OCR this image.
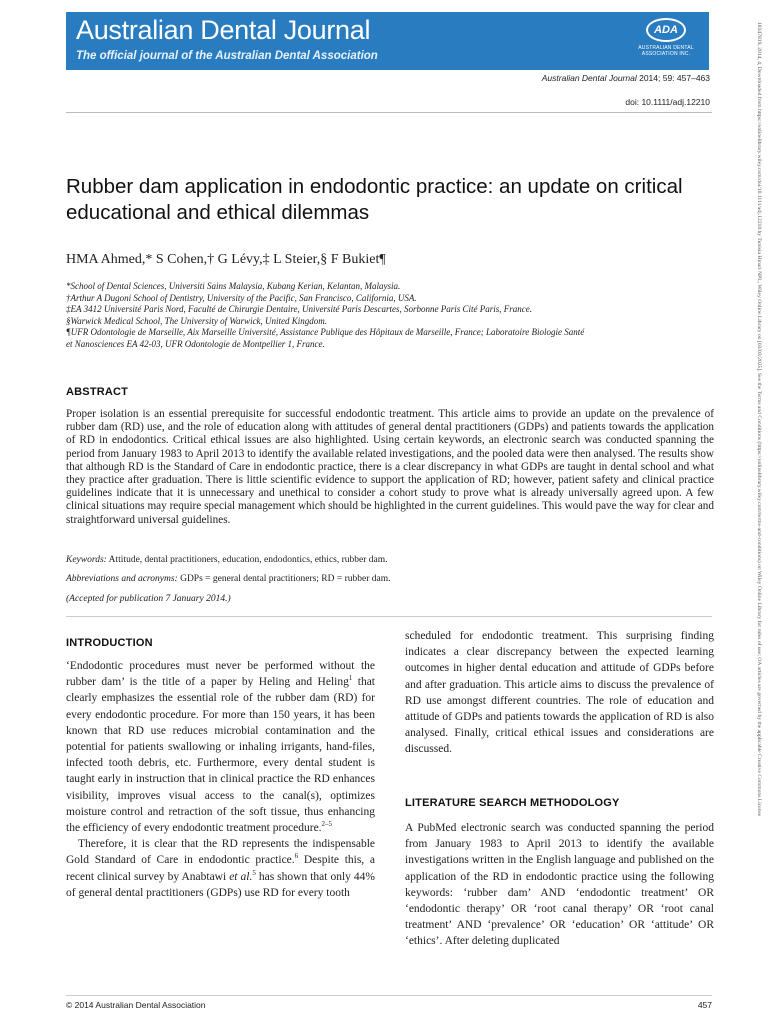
Australian Dental Journal
The official journal of the Australian Dental Association
ADA
AUSTRALIAN DENTAL ASSOCIATION INC.
Australian Dental Journal 2014; 59: 457–463
doi: 10.1111/adj.12210
Rubber dam application in endodontic practice: an update on critical educational and ethical dilemmas
HMA Ahmed,* S Cohen,† G Lévy,‡ L Steier,§ F Bukiet¶
*School of Dental Sciences, Universiti Sains Malaysia, Kubang Kerian, Kelantan, Malaysia.
†Arthur A Dugoni School of Dentistry, University of the Pacific, San Francisco, California, USA.
‡EA 3412 Université Paris Nord, Faculté de Chirurgie Dentaire, Université Paris Descartes, Sorbonne Paris Cité Paris, France.
§Warwick Medical School, The University of Warwick, United Kingdom.
¶UFR Odontologie de Marseille, Aix Marseille Université, Assistance Publique des Hôpitaux de Marseille, France; Laboratoire Biologie Santé
et Nanosciences EA 42-03, UFR Odontologie de Montpellier 1, France.
ABSTRACT

Proper isolation is an essential prerequisite for successful endodontic treatment. This article aims to provide an update on the prevalence of rubber dam (RD) use, and the role of education along with attitudes of general dental practitioners (GDPs) and patients towards the application of RD in endodontics. Critical ethical issues are also highlighted. Using certain keywords, an electronic search was conducted spanning the period from January 1983 to April 2013 to identify the available related investigations, and the pooled data were then analysed. The results show that although RD is the Standard of Care in endodontic practice, there is a clear discrepancy in what GDPs are taught in dental school and what they practice after graduation. There is little scientific evidence to support the application of RD; however, patient safety and clinical practice guidelines indicate that it is unnecessary and unethical to consider a cohort study to prove what is already universally agreed upon. A few clinical situations may require special management which should be highlighted in the current guidelines. This would pave the way for clear and straightforward universal guidelines.

Keywords: Attitude, dental practitioners, education, endodontics, ethics, rubber dam.
Abbreviations and acronyms: GDPs = general dental practitioners; RD = rubber dam.
(Accepted for publication 7 January 2014.)
INTRODUCTION

‘Endodontic procedures must never be performed without the rubber dam’ is the title of a paper by Heling and Heling$^1$ that clearly emphasizes the essential role of the rubber dam (RD) for every endodontic procedure. For more than 150 years, it has been known that RD use reduces microbial contamination and the potential for patients swallowing or inhaling irrigants, hand-files, infected tooth debris, etc. Furthermore, every dental student is taught early in instruction that in clinical practice the RD enhances visibility, improves visual access to the canal(s), optimizes moisture control and retraction of the soft tissue, thus enhancing the efficiency of every endodontic treatment procedure.$^{2-5}$

Therefore, it is clear that the RD represents the indispensable Gold Standard of Care in endodontic practice.$^6$ Despite this, a recent clinical survey by Anabtawi et al.$^5$ has shown that only 44% of general dental practitioners (GDPs) use RD for every tooth

scheduled for endodontic treatment. This surprising finding indicates a clear discrepancy between the expected learning outcomes in higher dental education and attitude of GDPs before and after graduation. This article aims to discuss the prevalence of RD use amongst different countries. The role of education and attitude of GDPs and patients towards the application of RD is also analysed. Finally, critical ethical issues and considerations are discussed.

LITERATURE SEARCH METHODOLOGY

A PubMed electronic search was conducted spanning the period from January 1983 to April 2013 to identify the available investigations written in the English language and published on the application of the RD in endodontic practice using the following keywords: ‘rubber dam’ AND ‘endodontic treatment’ OR ‘endodontic therapy’ OR ‘root canal therapy’ OR ‘root canal treatment’ AND ‘prevalence’ OR ‘education’ OR ‘attitude’ OR ‘ethics’. After deleting duplicated

© 2014 Australian Dental Association	457
18347819, 2014, 4, Downloaded from https://onlinelibrary.wiley.com/doi/10.1111/adj.12210 by Tunisia Hinari NPL, Wiley Online Library on [03/03/2025]. See the Terms and Conditions (https://onlinelibrary.wiley.com/terms-and-conditions) on Wiley Online Library for rules of use; OA articles are governed by the applicable Creative Commons License
